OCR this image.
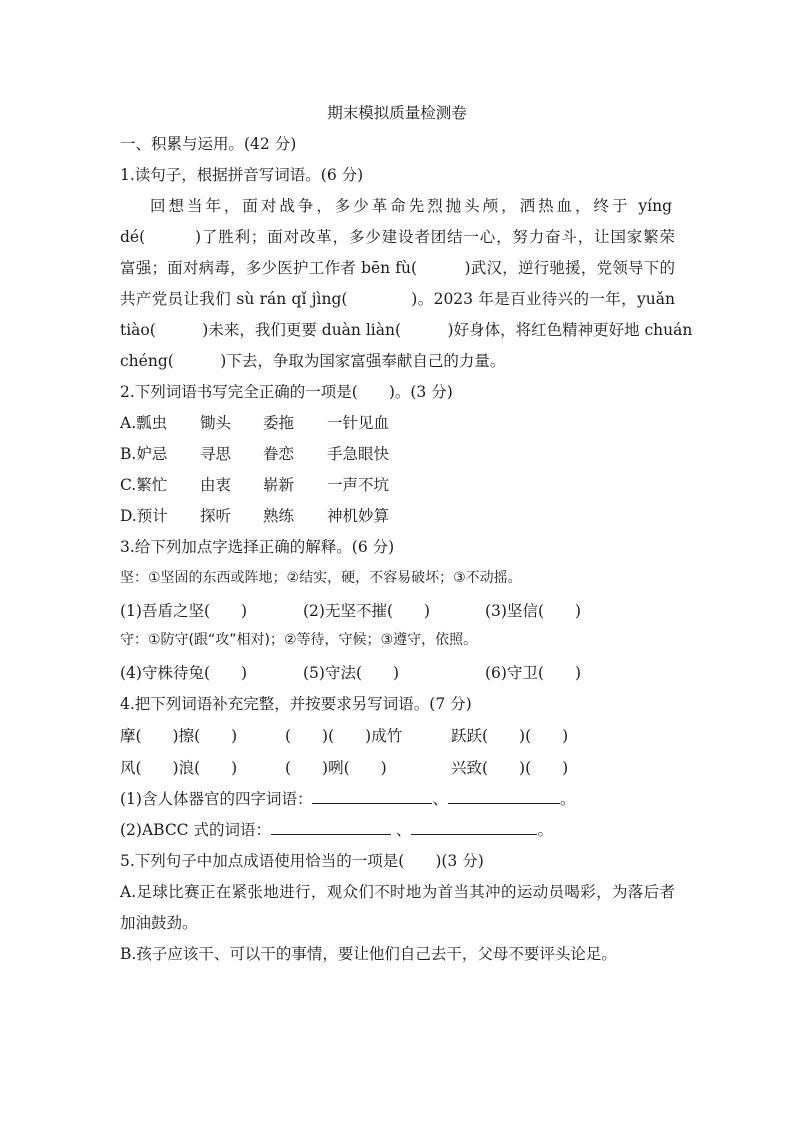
期末模拟质量检测卷
一、积累与运用。(42 分)
1.读句子，根据拼音写词语。(6 分)
回想当年，面对战争，多少革命先烈抛头颅，洒热血，终于 yíng
dé(　　　)了胜利；面对改革，多少建设者团结一心，努力奋斗，让国家繁荣
富强；面对病毒，多少医护工作者 bēn fù(　　　)武汉，逆行驰援，党领导下的
共产党员让我们 sù rán qǐ jìng(　　　　)。2023 年是百业待兴的一年，yuǎn
tiào(　　　)未来，我们更要 duàn liàn(　　　)好身体，将红色精神更好地 chuán
chéng(　　　)下去，争取为国家富强奉献自己的力量。
2.下列词语书写完全正确的一项是(　　)。(3 分)
A.瓢虫 锄头 委拖 一针见血
B.妒忌 寻思 眷恋 手急眼快
C.繁忙 由衷 崭新 一声不坑
D.预计 探听 熟练 神机妙算
3.给下列加点字选择正确的解释。(6 分)
坚：①坚固的东西或阵地；②结实，硬，不容易破坏；③不动摇。
(1)吾盾之坚(　　)	(2)无坚不摧(　　)	(3)坚信(　　)
守：①防守(跟“攻”相对)；②等待，守候；③遵守，依照。
(4)守株待兔(　　)	(5)守法(　　)	(6)守卫(　　)
4.把下列词语补充完整，并按要求另写词语。(7 分)
摩(　　)擦(　　)	(　　)(　　)成竹	跃跃(　　)(　　)
风(　　)浪(　　)	(　　)咧(　　)	兴致(　　)(　　)
(1)含人体器官的四字词语：	、	。
(2)ABCC 式的词语：	、	。
5.下列句子中加点成语使用恰当的一项是(　　)(3 分)
A.足球比赛正在紧张地进行，观众们不时地为首当其冲的运动员喝彩，为落后者
加油鼓劲。
B.孩子应该干、可以干的事情，要让他们自己去干，父母不要评头论足。
